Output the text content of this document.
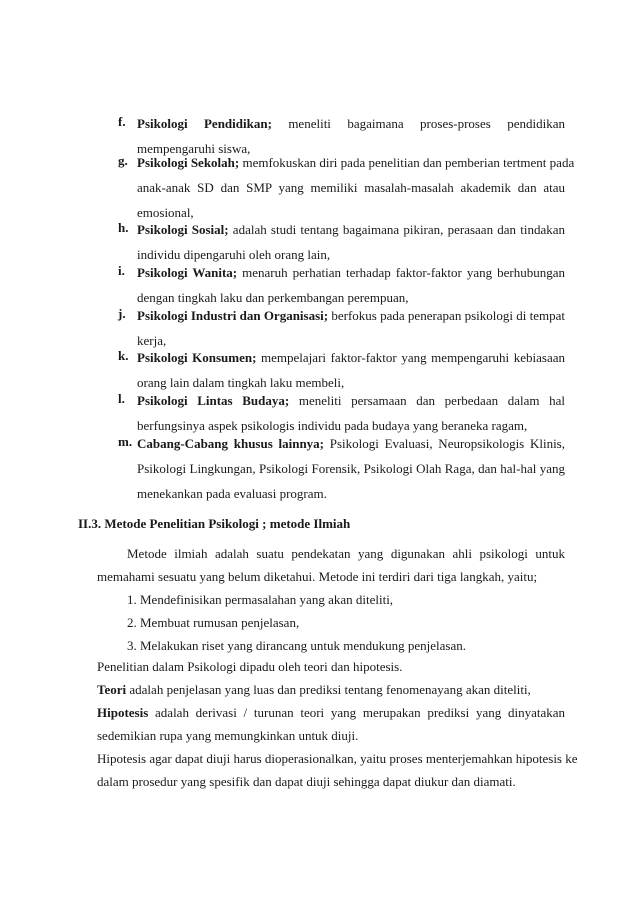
f. Psikologi Pendidikan; meneliti bagaimana proses-proses pendidikan
mempengaruhi siswa,
g. Psikologi Sekolah; memfokuskan diri pada penelitian dan pemberian tertment pada
anak-anak SD dan SMP yang memiliki masalah-masalah akademik dan atau
emosional,
h. Psikologi Sosial; adalah studi tentang bagaimana pikiran, perasaan dan tindakan
individu dipengaruhi oleh orang lain,
i. Psikologi Wanita; menaruh perhatian terhadap faktor-faktor yang berhubungan
dengan tingkah laku dan perkembangan perempuan,
j. Psikologi Industri dan Organisasi; berfokus pada penerapan psikologi di tempat
kerja,
k. Psikologi Konsumen; mempelajari faktor-faktor yang mempengaruhi kebiasaan
orang lain dalam tingkah laku membeli,
l. Psikologi Lintas Budaya; meneliti persamaan dan perbedaan dalam hal
berfungsinya aspek psikologis individu pada budaya yang beraneka ragam,
m. Cabang-Cabang khusus lainnya; Psikologi Evaluasi, Neuropsikologis Klinis,
Psikologi Lingkungan, Psikologi Forensik, Psikologi Olah Raga, dan hal-hal yang
menekankan pada evaluasi program.
II.3. Metode Penelitian Psikologi ; metode Ilmiah
Metode ilmiah adalah suatu pendekatan yang digunakan ahli psikologi untuk
memahami sesuatu yang belum diketahui. Metode ini terdiri dari tiga langkah, yaitu;
1. Mendefinisikan permasalahan yang akan diteliti,
2. Membuat rumusan penjelasan,
3. Melakukan riset yang dirancang untuk mendukung penjelasan.
Penelitian dalam Psikologi dipadu oleh teori dan hipotesis.
Teori adalah penjelasan yang luas dan prediksi tentang fenomenayang akan diteliti,
Hipotesis adalah derivasi / turunan teori yang merupakan prediksi yang dinyatakan
sedemikian rupa yang memungkinkan untuk diuji.
Hipotesis agar dapat diuji harus dioperasionalkan, yaitu proses menterjemahkan hipotesis ke
dalam prosedur yang spesifik dan dapat diuji sehingga dapat diukur dan diamati.
